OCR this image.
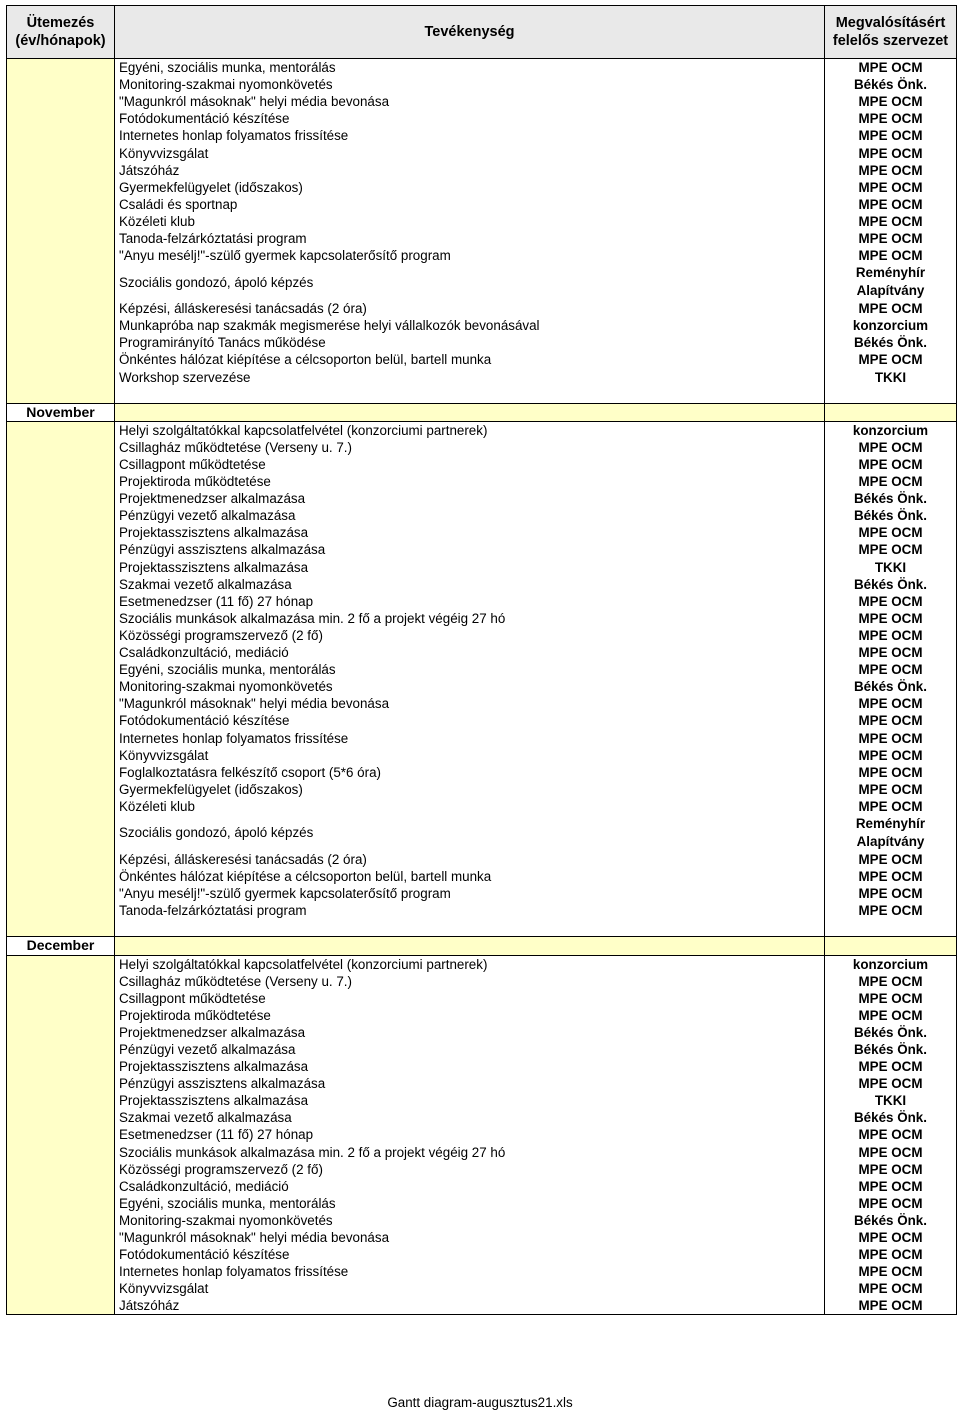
Ütemezés (év/hónapok)	Tevékenység	Megvalósításért felelős szervezet
	Egyéni, szociális munka, mentorálás	MPE OCM
	Monitoring-szakmai nyomonkövetés	Békés Önk.
	"Magunkról másoknak" helyi média bevonása	MPE OCM
	Fotódokumentáció készítése	MPE OCM
	Internetes honlap folyamatos frissítése	MPE OCM
	Könyvvizsgálat	MPE OCM
	Játszóház	MPE OCM
	Gyermekfelügyelet (időszakos)	MPE OCM
	Családi és sportnap	MPE OCM
	Közéleti klub	MPE OCM
	Tanoda-felzárkóztatási program	MPE OCM
	"Anyu mesélj!"-szülő gyermek kapcsolaterősítő program	MPE OCM
	Szociális gondozó, ápoló képzés	Reményhír Alapítvány
	Képzési, álláskeresési tanácsadás (2 óra)	MPE OCM
	Munkapróba nap szakmák megismerése helyi vállalkozók bevonásával	konzorcium
	Programirányító Tanács működése	Békés Önk.
	Önkéntes hálózat kiépítése a célcsoporton belül, bartell munka	MPE OCM
	Workshop szervezése	TKKI

November		
	Helyi szolgáltatókkal kapcsolatfelvétel (konzorciumi partnerek)	konzorcium
	Csillagház működtetése (Verseny u. 7.)	MPE OCM
	Csillagpont működtetése	MPE OCM
	Projektiroda működtetése	MPE OCM
	Projektmenedzser alkalmazása	Békés Önk.
	Pénzügyi vezető alkalmazása	Békés Önk.
	Projektasszisztens alkalmazása	MPE OCM
	Pénzügyi asszisztens alkalmazása	MPE OCM
	Projektasszisztens alkalmazása	TKKI
	Szakmai vezető alkalmazása	Békés Önk.
	Esetmenedzser (11 fő) 27 hónap	MPE OCM
	Szociális munkások alkalmazása min. 2 fő a projekt végéig 27 hó	MPE OCM
	Közösségi programszervező (2 fő)	MPE OCM
	Családkonzultáció, mediáció	MPE OCM
	Egyéni, szociális munka, mentorálás	MPE OCM
	Monitoring-szakmai nyomonkövetés	Békés Önk.
	"Magunkról másoknak" helyi média bevonása	MPE OCM
	Fotódokumentáció készítése	MPE OCM
	Internetes honlap folyamatos frissítése	MPE OCM
	Könyvvizsgálat	MPE OCM
	Foglalkoztatásra felkészítő csoport (5*6 óra)	MPE OCM
	Gyermekfelügyelet (időszakos)	MPE OCM
	Közéleti klub	MPE OCM
	Szociális gondozó, ápoló képzés	Reményhír Alapítvány
	Képzési, álláskeresési tanácsadás (2 óra)	MPE OCM
	Önkéntes hálózat kiépítése a célcsoporton belül, bartell munka	MPE OCM
	"Anyu mesélj!"-szülő gyermek kapcsolaterősítő program	MPE OCM
	Tanoda-felzárkóztatási program	MPE OCM

December		
	Helyi szolgáltatókkal kapcsolatfelvétel (konzorciumi partnerek)	konzorcium
	Csillagház működtetése (Verseny u. 7.)	MPE OCM
	Csillagpont működtetése	MPE OCM
	Projektiroda működtetése	MPE OCM
	Projektmenedzser alkalmazása	Békés Önk.
	Pénzügyi vezető alkalmazása	Békés Önk.
	Projektasszisztens alkalmazása	MPE OCM
	Pénzügyi asszisztens alkalmazása	MPE OCM
	Projektasszisztens alkalmazása	TKKI
	Szakmai vezető alkalmazása	Békés Önk.
	Esetmenedzser (11 fő) 27 hónap	MPE OCM
	Szociális munkások alkalmazása min. 2 fő a projekt végéig 27 hó	MPE OCM
	Közösségi programszervező (2 fő)	MPE OCM
	Családkonzultáció, mediáció	MPE OCM
	Egyéni, szociális munka, mentorálás	MPE OCM
	Monitoring-szakmai nyomonkövetés	Békés Önk.
	"Magunkról másoknak" helyi média bevonása	MPE OCM
	Fotódokumentáció készítése	MPE OCM
	Internetes honlap folyamatos frissítése	MPE OCM
	Könyvvizsgálat	MPE OCM
	Játszóház	MPE OCM
Gantt diagram-augusztus21.xls
